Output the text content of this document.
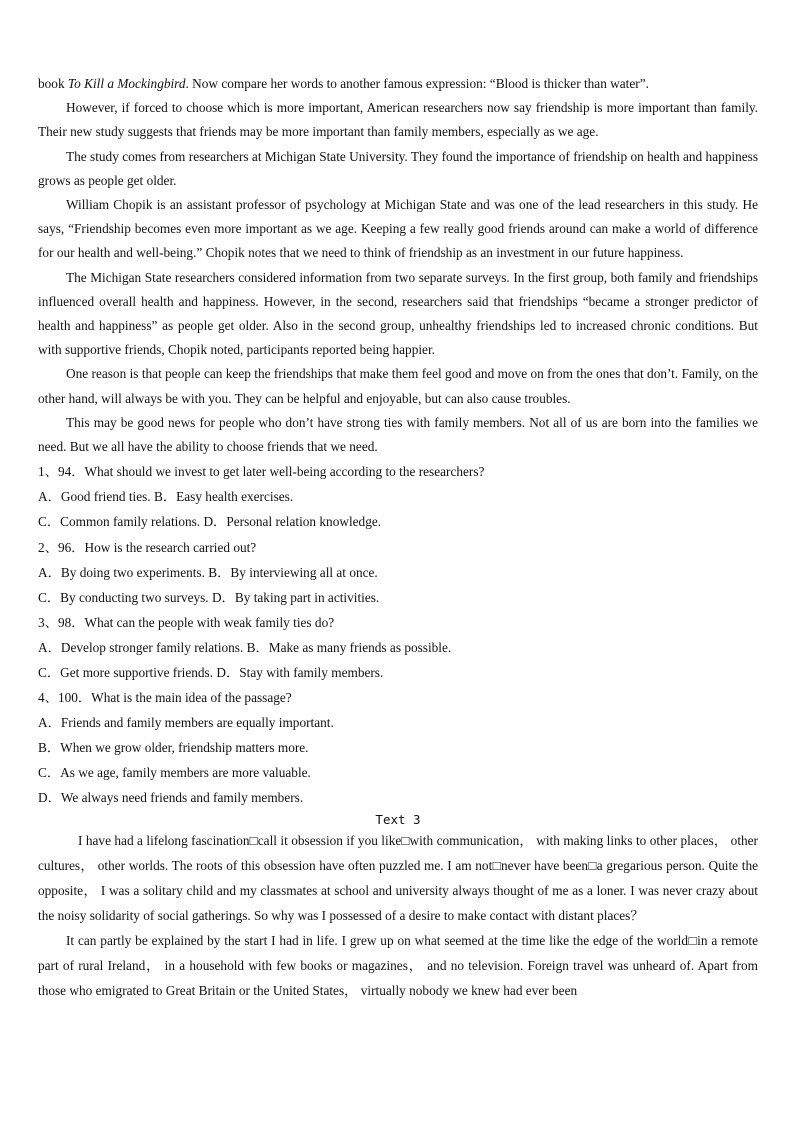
book To Kill a Mockingbird. Now compare her words to another famous expression: “Blood is thicker than water”.

However, if forced to choose which is more important, American researchers now say friendship is more important than family. Their new study suggests that friends may be more important than family members, especially as we age.

The study comes from researchers at Michigan State University. They found the importance of friendship on health and happiness grows as people get older.

William Chopik is an assistant professor of psychology at Michigan State and was one of the lead researchers in this study. He says, “Friendship becomes even more important as we age. Keeping a few really good friends around can make a world of difference for our health and well-being.” Chopik notes that we need to think of friendship as an investment in our future happiness.

The Michigan State researchers considered information from two separate surveys. In the first group, both family and friendships influenced overall health and happiness. However, in the second, researchers said that friendships “became a stronger predictor of health and happiness” as people get older. Also in the second group, unhealthy friendships led to increased chronic conditions. But with supportive friends, Chopik noted, participants reported being happier.

One reason is that people can keep the friendships that make them feel good and move on from the ones that don’t. Family, on the other hand, will always be with you. They can be helpful and enjoyable, but can also cause troubles.

This may be good news for people who don’t have strong ties with family members. Not all of us are born into the families we need. But we all have the ability to choose friends that we need.

1、94．What should we invest to get later well-being according to the researchers?

A．Good friend ties. B．Easy health exercises.

C．Common family relations. D．Personal relation knowledge.

2、96．How is the research carried out?

A．By doing two experiments. B．By interviewing all at once.

C．By conducting two surveys. D．By taking part in activities.

3、98．What can the people with weak family ties do?

A．Develop stronger family relations. B．Make as many friends as possible.

C．Get more supportive friends. D．Stay with family members.

4、100．What is the main idea of the passage?

A．Friends and family members are equally important.

B．When we grow older, friendship matters more.

C．As we age, family members are more valuable.

D．We always need friends and family members.

Text 3

I have had a lifelong fascination□call it obsession if you like□with communication， with making links to other places， other cultures， other worlds. The roots of this obsession have often puzzled me. I am not□never have been□a gregarious person. Quite the opposite， I was a solitary child and my classmates at school and university always thought of me as a loner. I was never crazy about the noisy solidarity of social gatherings. So why was I possessed of a desire to make contact with distant places？

It can partly be explained by the start I had in life. I grew up on what seemed at the time like the edge of the world□in a remote part of rural Ireland， in a household with few books or magazines， and no television. Foreign travel was unheard of. Apart from those who emigrated to Great Britain or the United States， virtually nobody we knew had ever been
